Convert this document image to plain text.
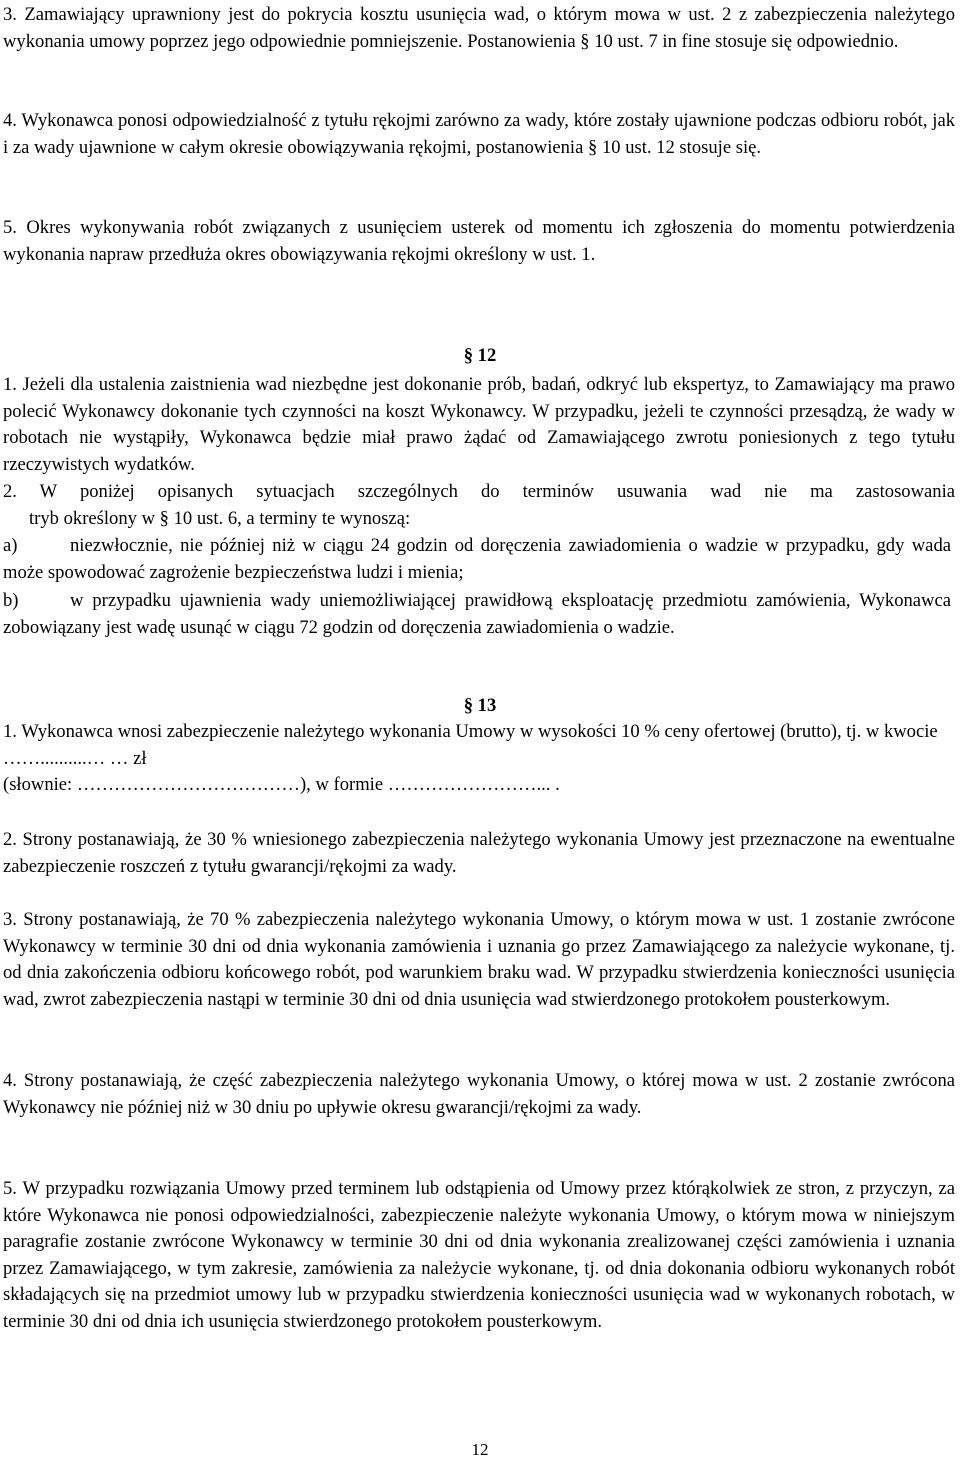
3. Zamawiający uprawniony jest do pokrycia kosztu usunięcia wad, o którym mowa w ust. 2 z zabezpieczenia należytego wykonania umowy poprzez jego odpowiednie pomniejszenie. Postanowienia § 10 ust. 7 in fine stosuje się odpowiednio.

4. Wykonawca ponosi odpowiedzialność z tytułu rękojmi zarówno za wady, które zostały ujawnione podczas odbioru robót, jak i za wady ujawnione w całym okresie obowiązywania rękojmi, postanowienia § 10 ust. 12 stosuje się.

5. Okres wykonywania robót związanych z usunięciem usterek od momentu ich zgłoszenia do momentu potwierdzenia wykonania napraw przedłuża okres obowiązywania rękojmi określony w ust. 1.

§ 12

1. Jeżeli dla ustalenia zaistnienia wad niezbędne jest dokonanie prób, badań, odkryć lub ekspertyz, to Zamawiający ma prawo polecić Wykonawcy dokonanie tych czynności na koszt Wykonawcy. W przypadku, jeżeli te czynności przesądzą, że wady w robotach nie wystąpiły, Wykonawca będzie miał prawo żądać od Zamawiającego zwrotu poniesionych z tego tytułu rzeczywistych wydatków.

2. W poniżej opisanych sytuacjach szczególnych do terminów usuwania wad nie ma zastosowania
tryb określony w § 10 ust. 6, a terminy te wynoszą:
a)	niezwłocznie, nie później niż w ciągu 24 godzin od doręczenia zawiadomienia o wadzie w przypadku, gdy wada może spowodować zagrożenie bezpieczeństwa ludzi i mienia;
b)	w przypadku ujawnienia wady uniemożliwiającej prawidłową eksploatację przedmiotu zamówienia, Wykonawca zobowiązany jest wadę usunąć w ciągu 72 godzin od doręczenia zawiadomienia o wadzie.
§ 13
1. Wykonawca wnosi zabezpieczenie należytego wykonania Umowy w wysokości 10 % ceny ofertowej (brutto), tj. w kwocie ……..........… … zł
(słownie: ………………………………), w formie ……………………... .

2. Strony postanawiają, że 30 % wniesionego zabezpieczenia należytego wykonania Umowy jest przeznaczone na ewentualne zabezpieczenie roszczeń z tytułu gwarancji/rękojmi za wady.

3. Strony postanawiają, że 70 % zabezpieczenia należytego wykonania Umowy, o którym mowa w ust. 1 zostanie zwrócone Wykonawcy w terminie 30 dni od dnia wykonania zamówienia i uznania go przez Zamawiającego za należycie wykonane, tj. od dnia zakończenia odbioru końcowego robót, pod warunkiem braku wad. W przypadku stwierdzenia konieczności usunięcia wad, zwrot zabezpieczenia nastąpi w terminie 30 dni od dnia usunięcia wad stwierdzonego protokołem pousterkowym.

4. Strony postanawiają, że część zabezpieczenia należytego wykonania Umowy, o której mowa w ust. 2 zostanie zwrócona Wykonawcy nie później niż w 30 dniu po upływie okresu gwarancji/rękojmi za wady.

5. W przypadku rozwiązania Umowy przed terminem lub odstąpienia od Umowy przez którąkolwiek ze stron, z przyczyn, za które Wykonawca nie ponosi odpowiedzialności, zabezpieczenie należyte wykonania Umowy, o którym mowa w niniejszym paragrafie zostanie zwrócone Wykonawcy w terminie 30 dni od dnia wykonania zrealizowanej części zamówienia i uznania przez Zamawiającego, w tym zakresie, zamówienia za należycie wykonane, tj. od dnia dokonania odbioru wykonanych robót składających się na przedmiot umowy lub w przypadku stwierdzenia konieczności usunięcia wad w wykonanych robotach, w terminie 30 dni od dnia ich usunięcia stwierdzonego protokołem pousterkowym.

12
